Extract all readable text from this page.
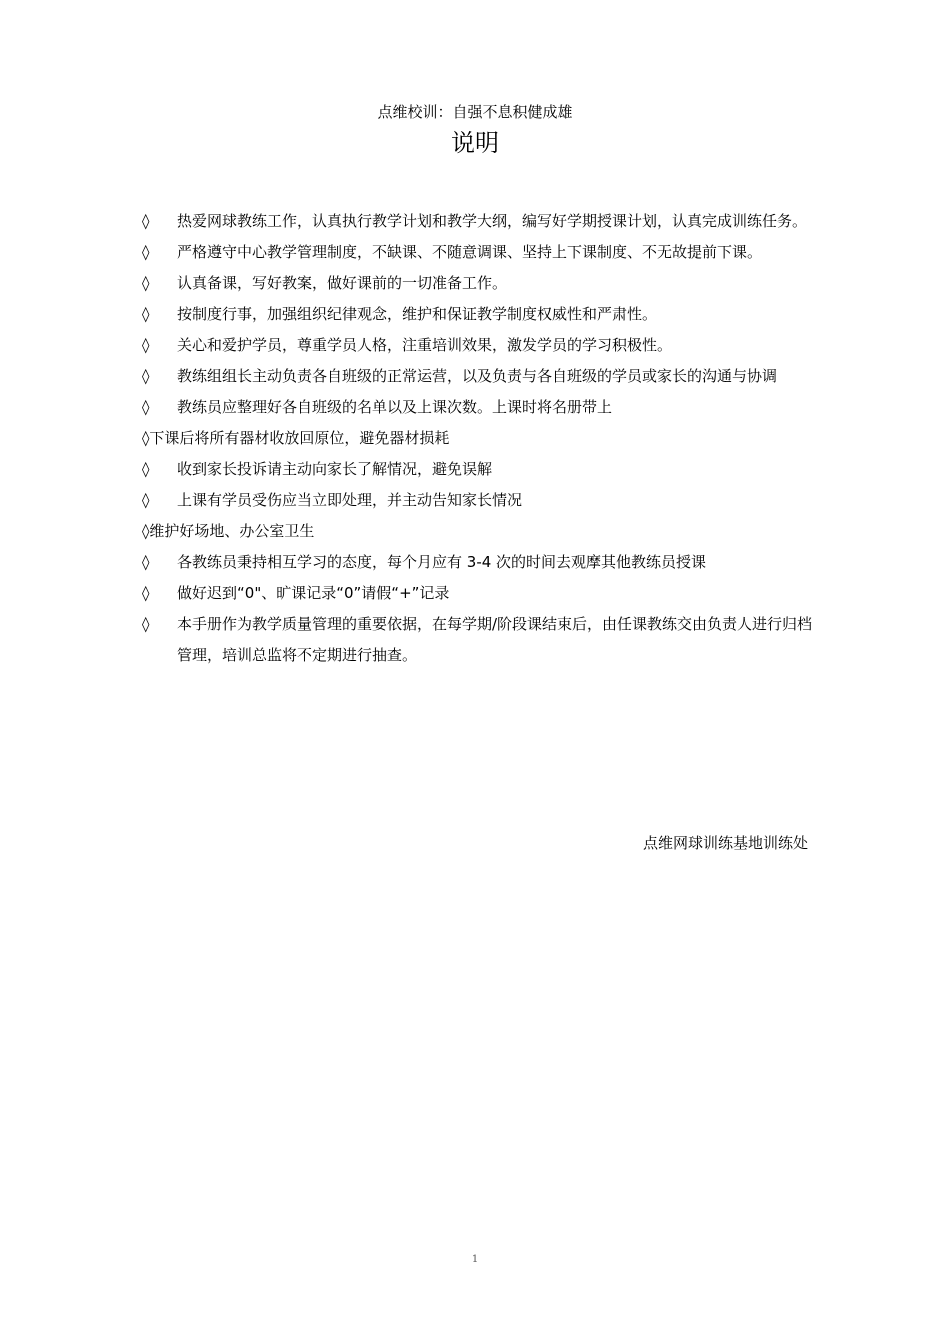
点维校训：自强不息积健成雄
说明
◊	热爱网球教练工作，认真执行教学计划和教学大纲，编写好学期授课计划，认真完成训练任务。
◊	严格遵守中心教学管理制度，不缺课、不随意调课、坚持上下课制度、不无故提前下课。
◊	认真备课，写好教案，做好课前的一切准备工作。
◊	按制度行事，加强组织纪律观念，维护和保证教学制度权威性和严肃性。
◊	关心和爱护学员，尊重学员人格，注重培训效果，激发学员的学习积极性。
◊	教练组组长主动负责各自班级的正常运营，以及负责与各自班级的学员或家长的沟通与协调
◊	教练员应整理好各自班级的名单以及上课次数。上课时将名册带上
◊ 下课后将所有器材收放回原位，避免器材损耗
◊	收到家长投诉请主动向家长了解情况，避免误解
◊	上课有学员受伤应当立即处理，并主动告知家长情况
◊ 维护好场地、办公室卫生
◊	各教练员秉持相互学习的态度，每个月应有 3-4 次的时间去观摩其他教练员授课
◊	做好迟到“0"、旷课记录“0”请假“+”记录
◊	本手册作为教学质量管理的重要依据，在每学期/阶段课结束后，由任课教练交由负责人进行归档管理，培训总监将不定期进行抽查。
点维网球训练基地训练处
1
